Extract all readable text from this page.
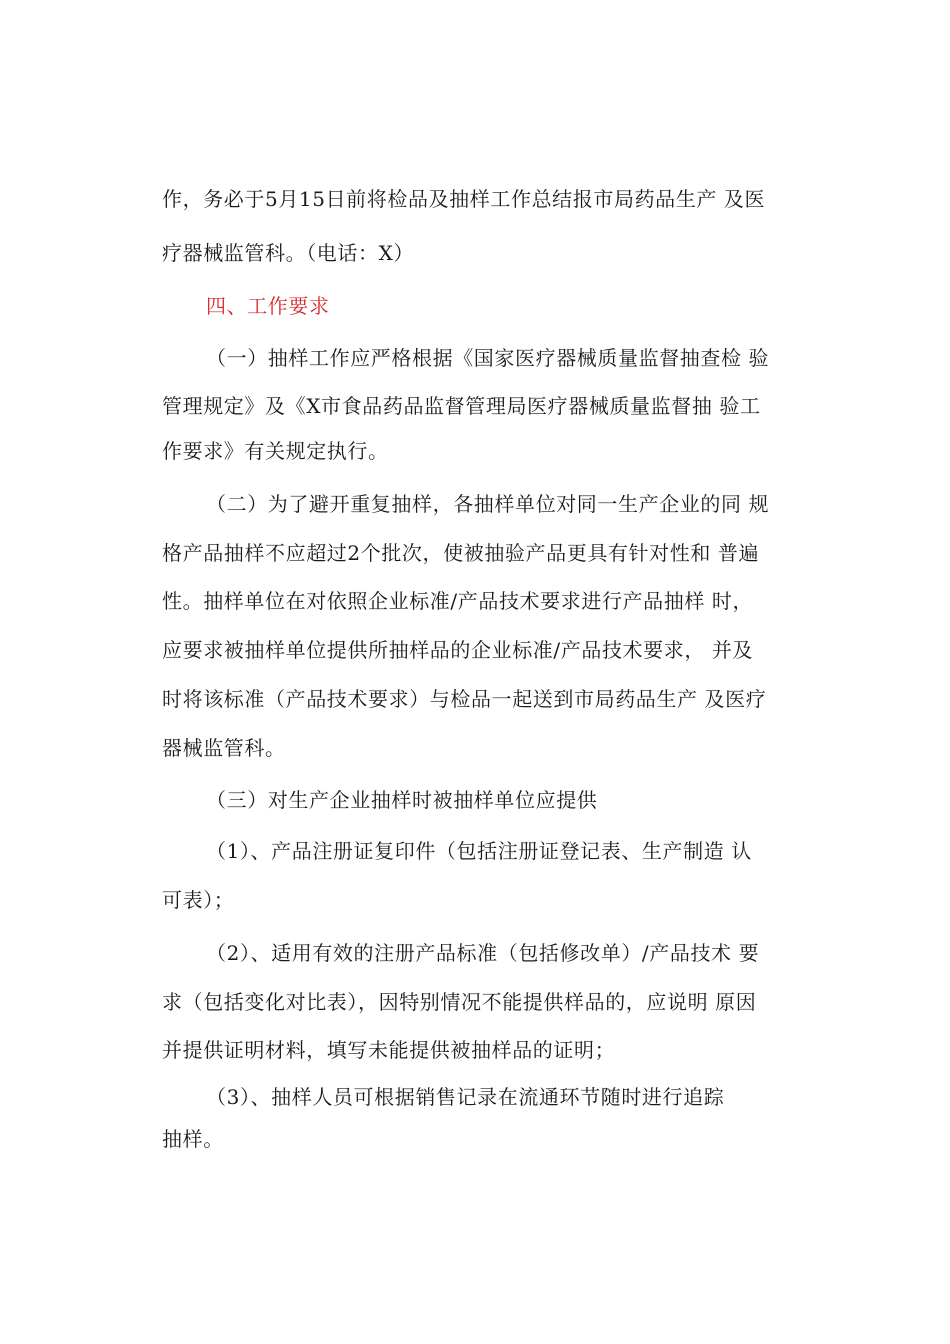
作，务必于5月15日前将检品及抽样工作总结报市局药品生产 及医
疗器械监管科。（电话：X）
四、工作要求
（一）抽样工作应严格根据《国家医疗器械质量监督抽查检 验
管理规定》及《X市食品药品监督管理局医疗器械质量监督抽 验工
作要求》有关规定执行。
（二）为了避开重复抽样，各抽样单位对同一生产企业的同 规
格产品抽样不应超过2个批次，使被抽验产品更具有针对性和 普遍
性。抽样单位在对依照企业标准/产品技术要求进行产品抽样 时，
应要求被抽样单位提供所抽样品的企业标准/产品技术要求， 并及
时将该标准（产品技术要求）与检品一起送到市局药品生产 及医疗
器械监管科。
（三）对生产企业抽样时被抽样单位应提供
（1）、产品注册证复印件（包括注册证登记表、生产制造 认
可表）；
（2）、适用有效的注册产品标准（包括修改单）/产品技术 要
求（包括变化对比表），因特别情况不能提供样品的，应说明 原因
并提供证明材料，填写未能提供被抽样品的证明；
（3）、抽样人员可根据销售记录在流通环节随时进行追踪
抽样。
